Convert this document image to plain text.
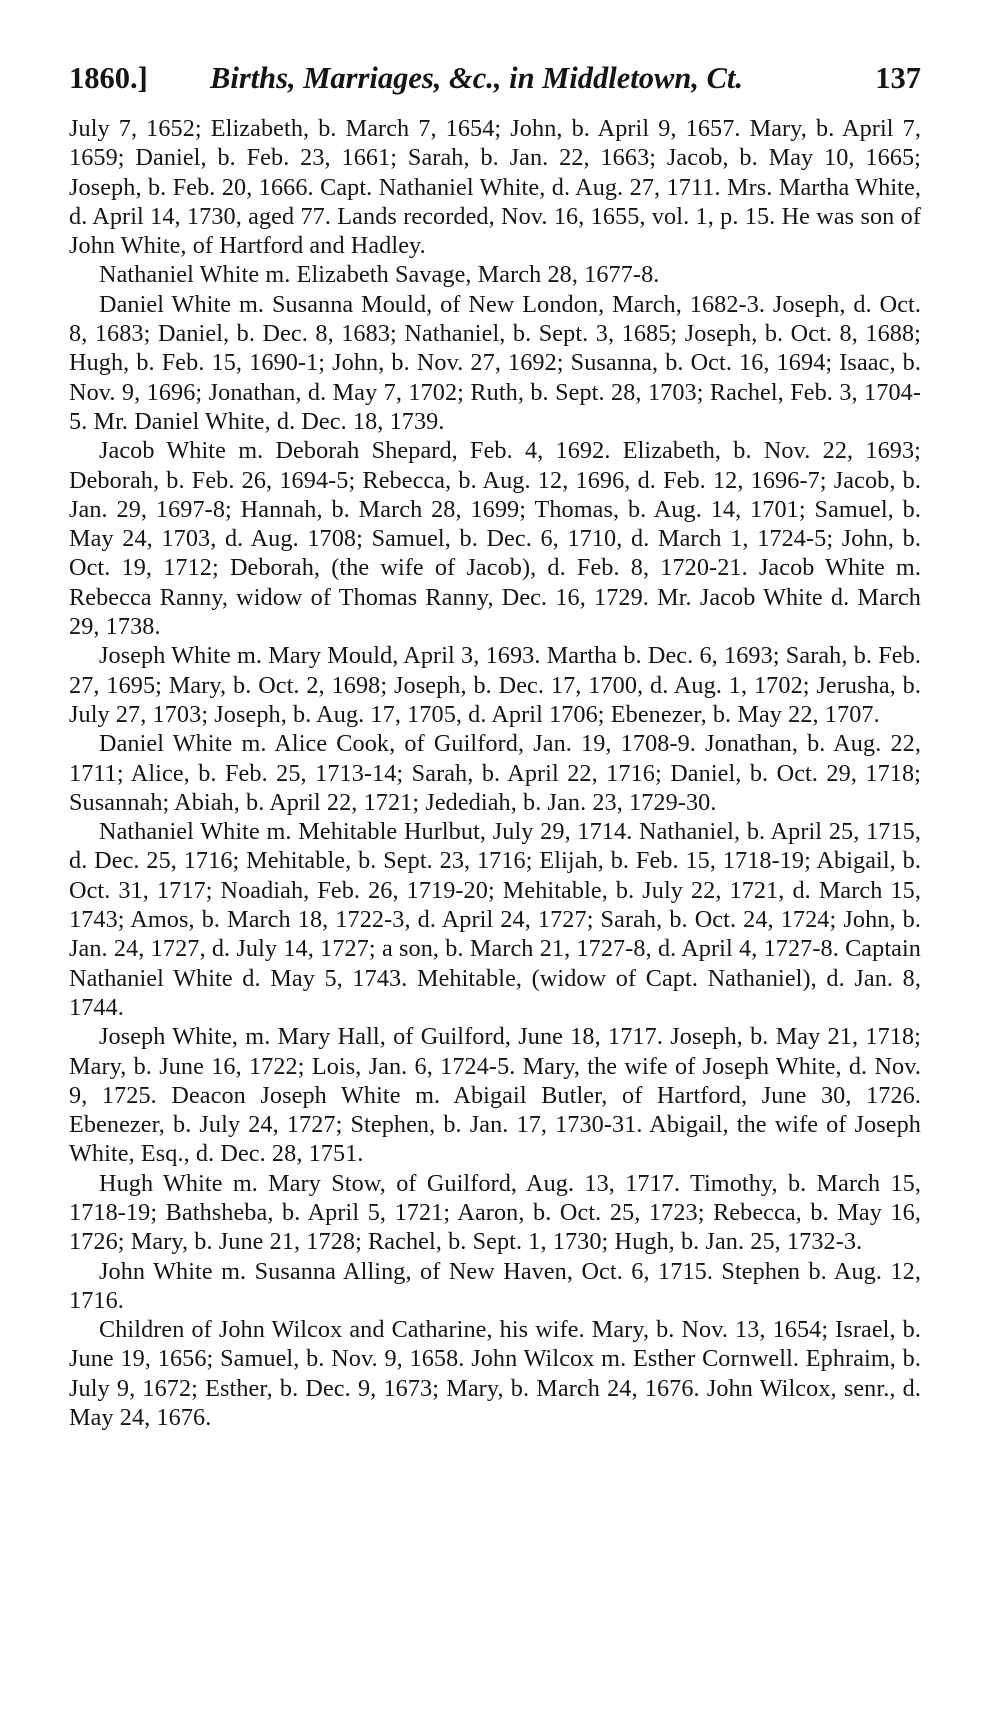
1860.] Births, Marriages, &c., in Middletown, Ct.	137

July 7, 1652; Elizabeth, b. March 7, 1654; John, b. April 9, 1657. Mary, b. April 7, 1659; Daniel, b. Feb. 23, 1661; Sarah, b. Jan. 22, 1663; Jacob, b. May 10, 1665; Joseph, b. Feb. 20, 1666. Capt. Nathaniel White, d. Aug. 27, 1711. Mrs. Martha White, d. April 14, 1730, aged 77. Lands recorded, Nov. 16, 1655, vol. 1, p. 15. He was son of John White, of Hartford and Hadley.

Nathaniel White m. Elizabeth Savage, March 28, 1677-8.

Daniel White m. Susanna Mould, of New London, March, 1682-3. Joseph, d. Oct. 8, 1683; Daniel, b. Dec. 8, 1683; Nathaniel, b. Sept. 3, 1685; Joseph, b. Oct. 8, 1688; Hugh, b. Feb. 15, 1690-1; John, b. Nov. 27, 1692; Susanna, b. Oct. 16, 1694; Isaac, b. Nov. 9, 1696; Jonathan, d. May 7, 1702; Ruth, b. Sept. 28, 1703; Rachel, Feb. 3, 1704-5. Mr. Daniel White, d. Dec. 18, 1739.

Jacob White m. Deborah Shepard, Feb. 4, 1692. Elizabeth, b. Nov. 22, 1693; Deborah, b. Feb. 26, 1694-5; Rebecca, b. Aug. 12, 1696, d. Feb. 12, 1696-7; Jacob, b. Jan. 29, 1697-8; Hannah, b. March 28, 1699; Thomas, b. Aug. 14, 1701; Samuel, b. May 24, 1703, d. Aug. 1708; Samuel, b. Dec. 6, 1710, d. March 1, 1724-5; John, b. Oct. 19, 1712; Deborah, (the wife of Jacob), d. Feb. 8, 1720-21. Jacob White m. Rebecca Ranny, widow of Thomas Ranny, Dec. 16, 1729. Mr. Jacob White d. March 29, 1738.

Joseph White m. Mary Mould, April 3, 1693. Martha b. Dec. 6, 1693; Sarah, b. Feb. 27, 1695; Mary, b. Oct. 2, 1698; Joseph, b. Dec. 17, 1700, d. Aug. 1, 1702; Jerusha, b. July 27, 1703; Joseph, b. Aug. 17, 1705, d. April 1706; Ebenezer, b. May 22, 1707.

Daniel White m. Alice Cook, of Guilford, Jan. 19, 1708-9. Jonathan, b. Aug. 22, 1711; Alice, b. Feb. 25, 1713-14; Sarah, b. April 22, 1716; Daniel, b. Oct. 29, 1718; Susannah; Abiah, b. April 22, 1721; Jedediah, b. Jan. 23, 1729-30.

Nathaniel White m. Mehitable Hurlbut, July 29, 1714. Nathaniel, b. April 25, 1715, d. Dec. 25, 1716; Mehitable, b. Sept. 23, 1716; Elijah, b. Feb. 15, 1718-19; Abigail, b. Oct. 31, 1717; Noadiah, Feb. 26, 1719-20; Mehitable, b. July 22, 1721, d. March 15, 1743; Amos, b. March 18, 1722-3, d. April 24, 1727; Sarah, b. Oct. 24, 1724; John, b. Jan. 24, 1727, d. July 14, 1727; a son, b. March 21, 1727-8, d. April 4, 1727-8. Captain Nathaniel White d. May 5, 1743. Mehitable, (widow of Capt. Nathaniel), d. Jan. 8, 1744.

Joseph White, m. Mary Hall, of Guilford, June 18, 1717. Joseph, b. May 21, 1718; Mary, b. June 16, 1722; Lois, Jan. 6, 1724-5. Mary, the wife of Joseph White, d. Nov. 9, 1725. Deacon Joseph White m. Abigail Butler, of Hartford, June 30, 1726. Ebenezer, b. July 24, 1727; Stephen, b. Jan. 17, 1730-31. Abigail, the wife of Joseph White, Esq., d. Dec. 28, 1751.

Hugh White m. Mary Stow, of Guilford, Aug. 13, 1717. Timothy, b. March 15, 1718-19; Bathsheba, b. April 5, 1721; Aaron, b. Oct. 25, 1723; Rebecca, b. May 16, 1726; Mary, b. June 21, 1728; Rachel, b. Sept. 1, 1730; Hugh, b. Jan. 25, 1732-3.

John White m. Susanna Alling, of New Haven, Oct. 6, 1715. Stephen b. Aug. 12, 1716.

Children of John Wilcox and Catharine, his wife. Mary, b. Nov. 13, 1654; Israel, b. June 19, 1656; Samuel, b. Nov. 9, 1658. John Wilcox m. Esther Cornwell. Ephraim, b. July 9, 1672; Esther, b. Dec. 9, 1673; Mary, b. March 24, 1676. John Wilcox, senr., d. May 24, 1676.
